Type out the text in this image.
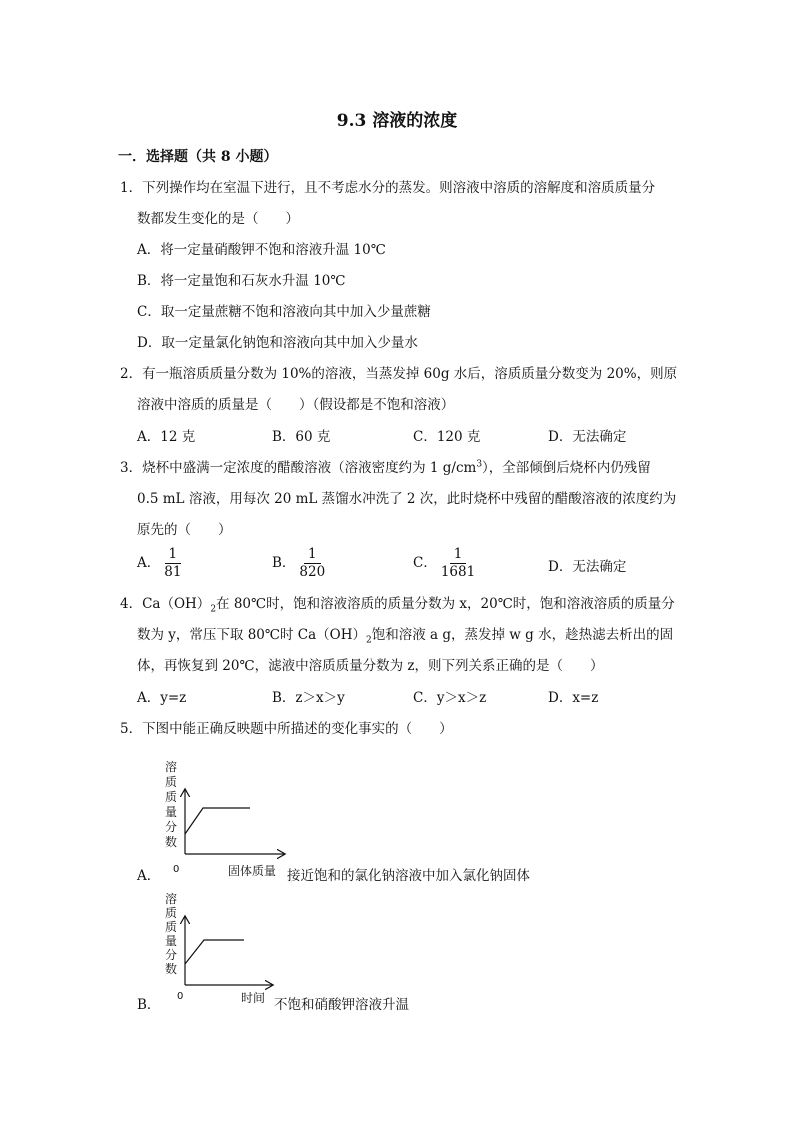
9.3 溶液的浓度
一．选择题（共 8 小题）
1．下列操作均在室温下进行，且不考虑水分的蒸发。则溶液中溶质的溶解度和溶质质量分
数都发生变化的是（　　）
A．将一定量硝酸钾不饱和溶液升温 10℃
B．将一定量饱和石灰水升温 10℃
C．取一定量蔗糖不饱和溶液向其中加入少量蔗糖
D．取一定量氯化钠饱和溶液向其中加入少量水
2．有一瓶溶质质量分数为 10%的溶液，当蒸发掉 60g 水后，溶质质量分数变为 20%，则原
溶液中溶质的质量是（　　）（假设都是不饱和溶液）
A．12 克	B．60 克	C．120 克	D．无法确定
3．烧杯中盛满一定浓度的醋酸溶液（溶液密度约为 1 $g/cm^3$），全部倾倒后烧杯内仍残留
0.5 mL 溶液，用每次 20 mL 蒸馏水冲洗了 2 次，此时烧杯中残留的醋酸溶液的浓度约为
原先的（　　）
A． $\frac{1}{81}$	B． $\frac{1}{820}$	C． $\frac{1}{1681}$	D．无法确定
4．$Ca(OH)_2$在 80℃时，饱和溶液溶质的质量分数为 x，20℃时，饱和溶液溶质的质量分
数为 y，常压下取 80℃时 $Ca(OH)_2$饱和溶液 a g，蒸发掉 w g 水，趁热滤去析出的固
体，再恢复到 20℃，滤液中溶质质量分数为 z，则下列关系正确的是（　　）
A．y=z	B．z＞x＞y	C．y＞x＞z	D．x=z
5．下图中能正确反映题中所描述的变化事实的（　　）
溶
质
质
量
分
数
0
A．	固体质量 接近饱和的氯化钠溶液中加入氯化钠固体
溶
质
质
量
分
数
0
B．	时间 不饱和硝酸钾溶液升温
